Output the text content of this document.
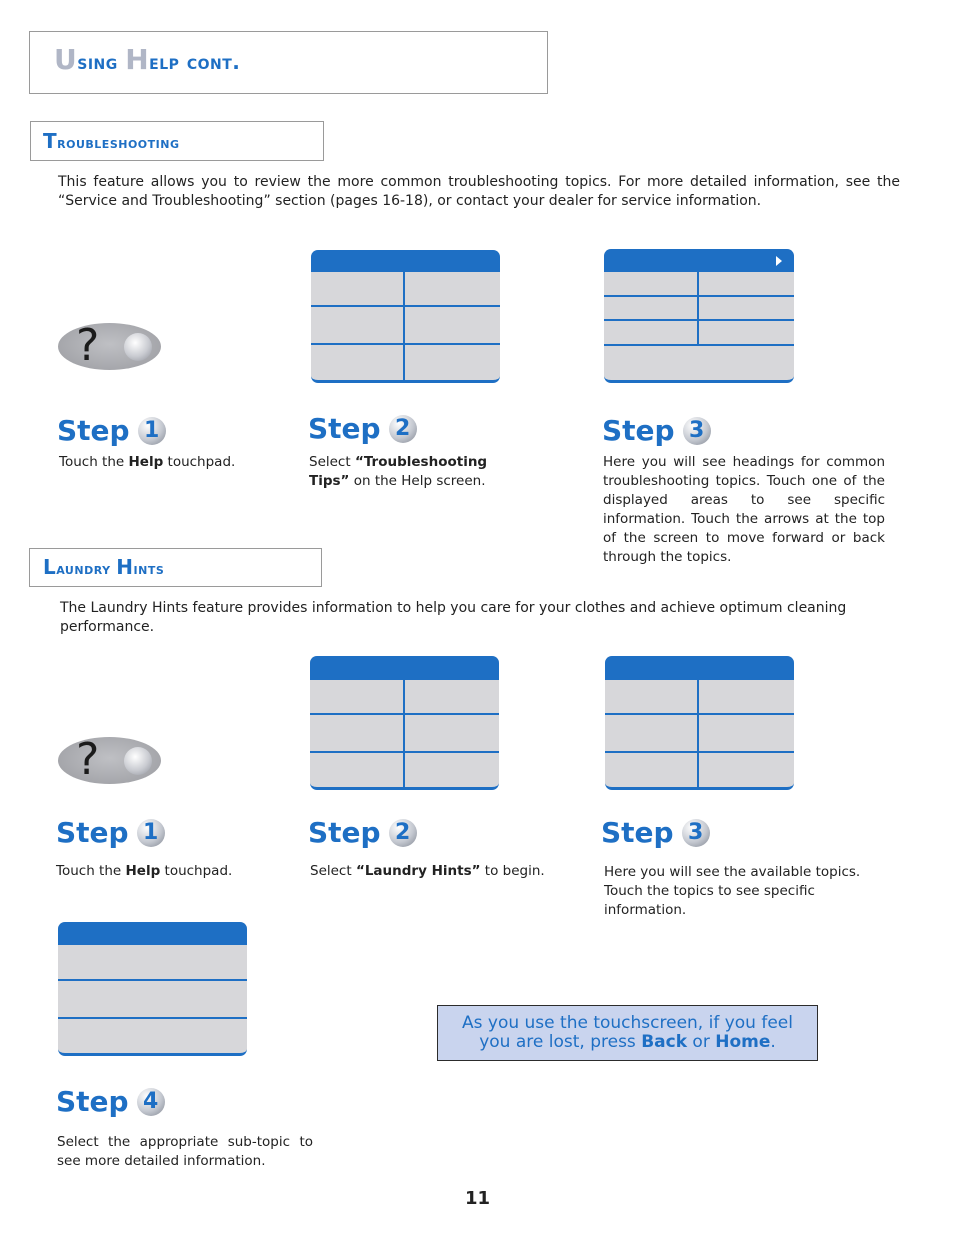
Using Help cont.
Troubleshooting
This feature allows you to review the more common troubleshooting topics. For more detailed information, see the “Service and Troubleshooting” section (pages 16-18), or contact your dealer for service information.
?
Step 1	Step 2	Step 3
Touch the Help touchpad.	Select “Troubleshooting Tips” on the Help screen.
Here you will see headings for common troubleshooting topics. Touch one of the displayed areas to see specific information. Touch the arrows at the top of the screen to move forward or back through the topics.
Laundry Hints
The Laundry Hints feature provides information to help you care for your clothes and achieve optimum cleaning performance.
?
Step 1	Step 2	Step 3
Touch the Help touchpad.	Select “Laundry Hints” to begin.	Here you will see the available topics. Touch the topics to see specific information.
Step 4
Select the appropriate sub-topic to see more detailed information.
As you use the touchscreen, if you feel
you are lost, press Back or Home.
11
